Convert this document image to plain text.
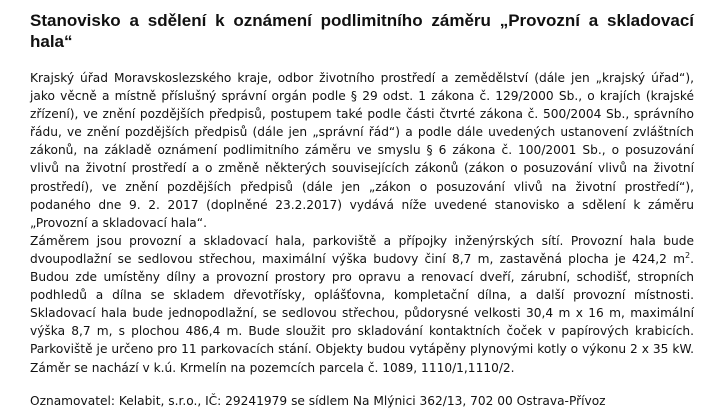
Stanovisko a sdělení k oznámení podlimitního záměru „Provozní a skladovací hala“

Krajský úřad Moravskoslezského kraje, odbor životního prostředí a zemědělství (dále jen „krajský úřad“), jako věcně a místně příslušný správní orgán podle § 29 odst. 1 zákona č. 129/2000 Sb., o krajích (krajské zřízení), ve znění pozdějších předpisů, postupem také podle části čtvrté zákona č. 500/2004 Sb., správního řádu, ve znění pozdějších předpisů (dále jen „správní řád“) a podle dále uvedených ustanovení zvláštních zákonů, na základě oznámení podlimitního záměru ve smyslu § 6 zákona č. 100/2001 Sb., o posuzování vlivů na životní prostředí a o změně některých souvisejících zákonů (zákon o posuzování vlivů na životní prostředí), ve znění pozdějších předpisů (dále jen „zákon o posuzování vlivů na životní prostředí“), podaného dne 9. 2. 2017 (doplněné 23.2.2017) vydává níže uvedené stanovisko a sdělení k záměru „Provozní a skladovací hala“.

Záměrem jsou provozní a skladovací hala, parkoviště a přípojky inženýrských sítí. Provozní hala bude dvoupodlažní se sedlovou střechou, maximální výška budovy činí 8,7 m, zastavěná plocha je 424,2 $m^2$. Budou zde umístěny dílny a provozní prostory pro opravu a renovací dveří, zárubní, schodišť, stropních podhledů a dílna se skladem dřevotřísky, oplášťovna, kompletační dílna, a další provozní místnosti. Skladovací hala bude jednopodlažní, se sedlovou střechou, půdorysné velkosti 30,4 m x 16 m, maximální výška 8,7 m, s plochou 486,4 m. Bude sloužit pro skladování kontaktních čoček v papírových krabicích. Parkoviště je určeno pro 11 parkovacích stání. Objekty budou vytápěny plynovými kotly o výkonu 2 x 35 kW. Záměr se nachází v k.ú. Krmelín na pozemcích parcela č. 1089, 1110/1,1110/2.

Oznamovatel: Kelabit, s.r.o., IČ: 29241979 se sídlem Na Mlýnici 362/13, 702 00 Ostrava-Přívoz
